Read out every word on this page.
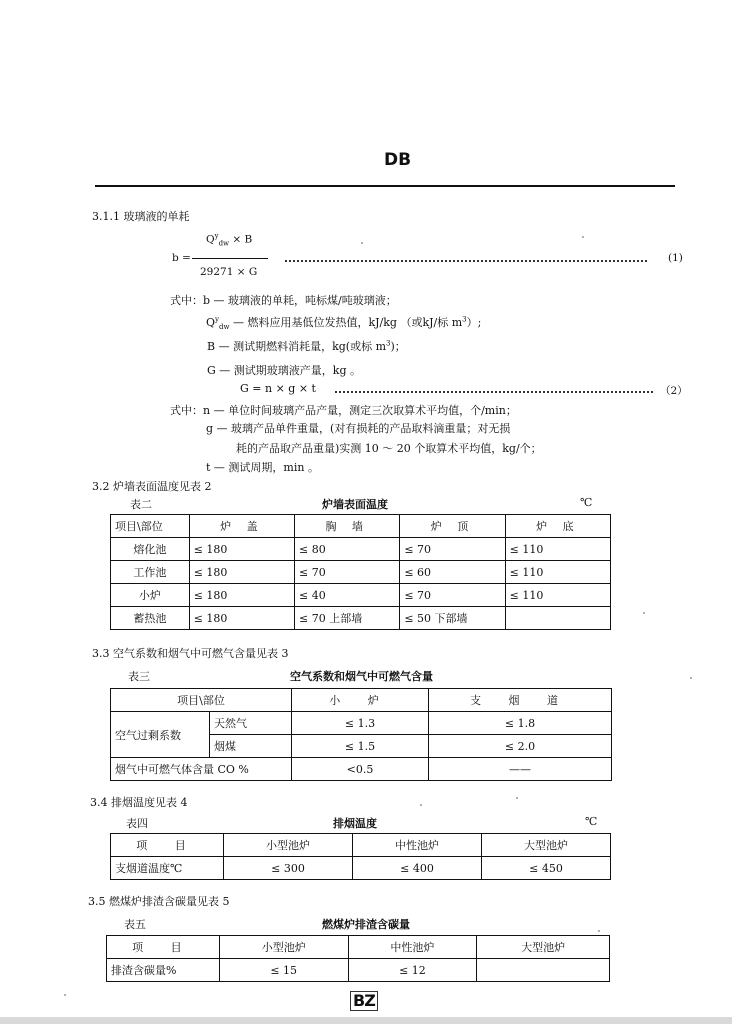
DB
3.1.1 玻璃液的单耗
$Q^y_{dw} \times B$
b =
29271 × G
(1)
式中：b — 玻璃液的单耗，吨标煤/吨玻璃液；
$Q^y_{dw}$ — 燃料应用基低位发热值，kJ/kg （或kJ/标 $m^3$）;
B — 测试期燃料消耗量，kg(或标 $m^3$)；
G — 测试期玻璃液产量，kg 。
G = n × g × t	（2）
式中：n — 单位时间玻璃产品产量，测定三次取算术平均值，个/min；
g — 玻璃产品单件重量，(对有损耗的产品取料滴重量；对无损
耗的产品取产品重量)实测 10 ～ 20 个取算术平均值，kg/个；
t — 测试周期，min 。
3.2 炉墙表面温度见表 2
表二	炉墙表面温度	℃
项目\部位	炉 盖	胸 墙	炉 顶	炉 底
熔化池	≤ 180	≤ 80	≤ 70	≤ 110
工作池	≤ 180	≤ 70	≤ 60	≤ 110
小炉	≤ 180	≤ 40	≤ 70	≤ 110
蓄热池	≤ 180	≤ 70 上部墙	≤ 50 下部墙	
3.3 空气系数和烟气中可燃气含量见表 3
表三	空气系数和烟气中可燃气含量
项目\部位		小 炉	支 烟 道
空气过剩系数	天然气	≤ 1.3	≤ 1.8
	烟煤	≤ 1.5	≤ 2.0
烟气中可燃气体含量 CO %		<0.5	——
3.4 排烟温度见表 4
表四	排烟温度	℃
项 目	小型池炉	中性池炉	大型池炉
支烟道温度℃	≤ 300	≤ 400	≤ 450
3.5 燃煤炉排渣含碳量见表 5
表五	燃煤炉排渣含碳量
项 目	小型池炉	中性池炉	大型池炉
排渣含碳量%	≤ 15	≤ 12	
BZ
